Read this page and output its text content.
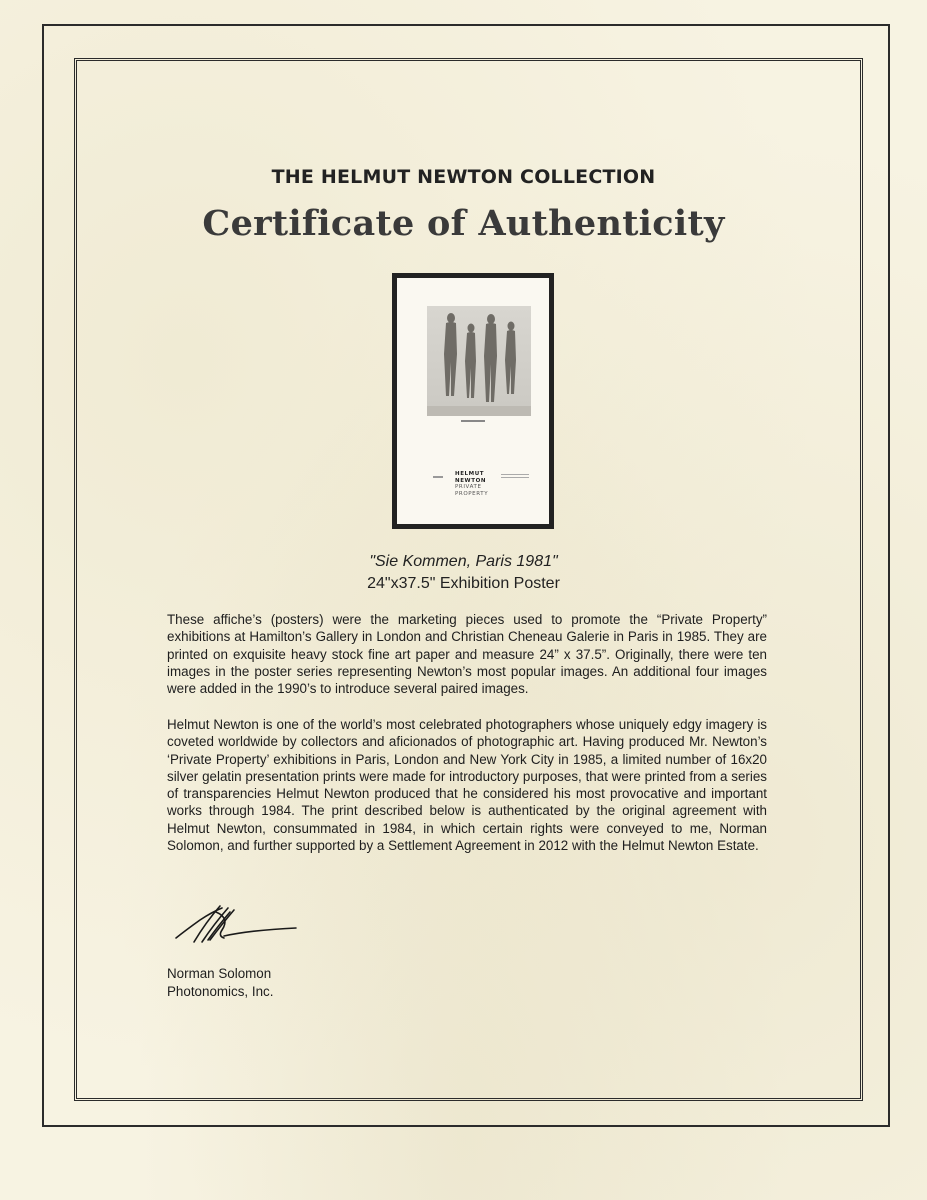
THE HELMUT NEWTON COLLECTION
Certificate of Authenticity
HELMUT
NEWTON
PRIVATE
PROPERTY
"Sie Kommen, Paris 1981"
24"x37.5" Exhibition Poster
These affiche’s (posters) were the marketing pieces used to promote the “Private Property” exhibitions at Hamilton’s Gallery in London and Christian Cheneau Galerie in Paris in 1985. They are printed on exquisite heavy stock fine art paper and measure 24” x 37.5”. Originally, there were ten images in the poster series representing Newton’s most popular images. An additional four images were added in the 1990’s to introduce several paired images.
Helmut Newton is one of the world’s most celebrated photographers whose uniquely edgy imagery is coveted worldwide by collectors and aficionados of photographic art. Having produced Mr. Newton’s ‘Private Property’ exhibitions in Paris, London and New York City in 1985, a limited number of 16x20 silver gelatin presentation prints were made for introductory purposes, that were printed from a series of transparencies Helmut Newton produced that he considered his most provocative and important works through 1984. The print described below is authenticated by the original agreement with Helmut Newton, consummated in 1984, in which certain rights were conveyed to me, Norman Solomon, and further supported by a Settlement Agreement in 2012 with the Helmut Newton Estate.
Norman Solomon
Photonomics, Inc.
